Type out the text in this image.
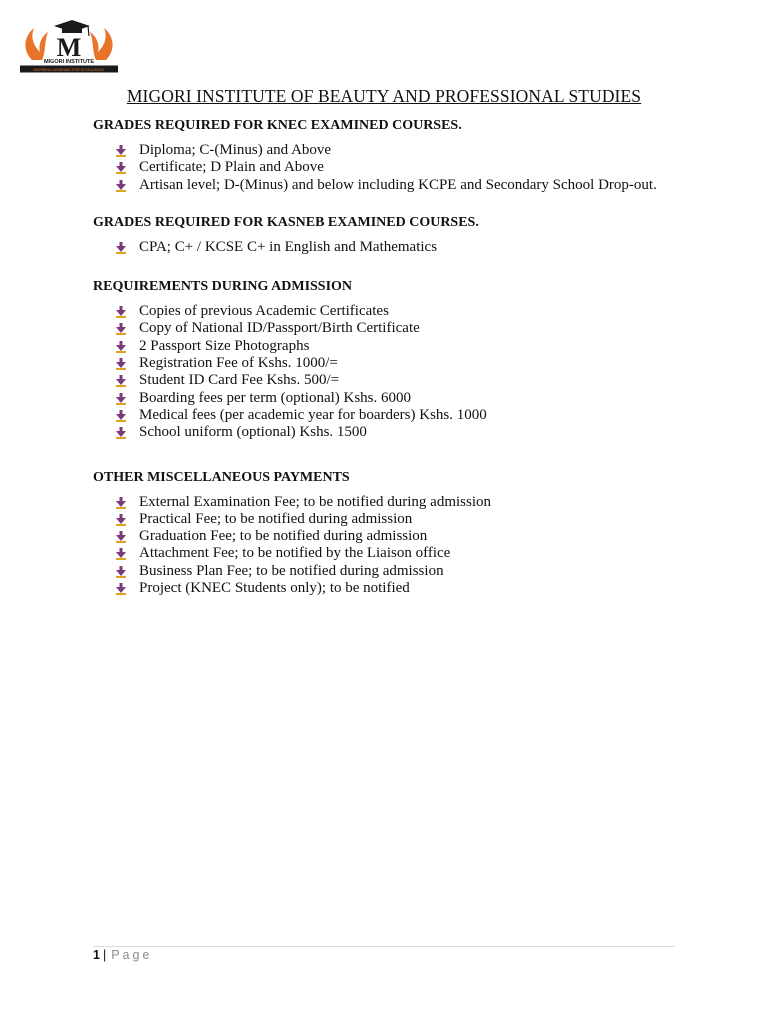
M
MIGORI INSTITUTE
INSPIRING LEARNING FOR EXCELLENCE
MIGORI INSTITUTE OF BEAUTY AND PROFESSIONAL STUDIES

GRADES REQUIRED FOR KNEC EXAMINED COURSES.

Diploma; C-(Minus) and Above
Certificate; D Plain and Above
Artisan level; D-(Minus) and below including KCPE and Secondary School Drop-out.

GRADES REQUIRED FOR KASNEB EXAMINED COURSES.

CPA; C+ / KCSE C+ in English and Mathematics

REQUIREMENTS DURING ADMISSION

Copies of previous Academic Certificates
Copy of National ID/Passport/Birth Certificate
2 Passport Size Photographs
Registration Fee of Kshs. 1000/=
Student ID Card Fee Kshs. 500/=
Boarding fees per term (optional) Kshs. 6000
Medical fees (per academic year for boarders) Kshs. 1000
School uniform (optional) Kshs. 1500

OTHER MISCELLANEOUS PAYMENTS

External Examination Fee; to be notified during admission
Practical Fee; to be notified during admission
Graduation Fee; to be notified during admission
Attachment Fee; to be notified by the Liaison office
Business Plan Fee; to be notified during admission
Project (KNEC Students only); to be notified
1 | Page
